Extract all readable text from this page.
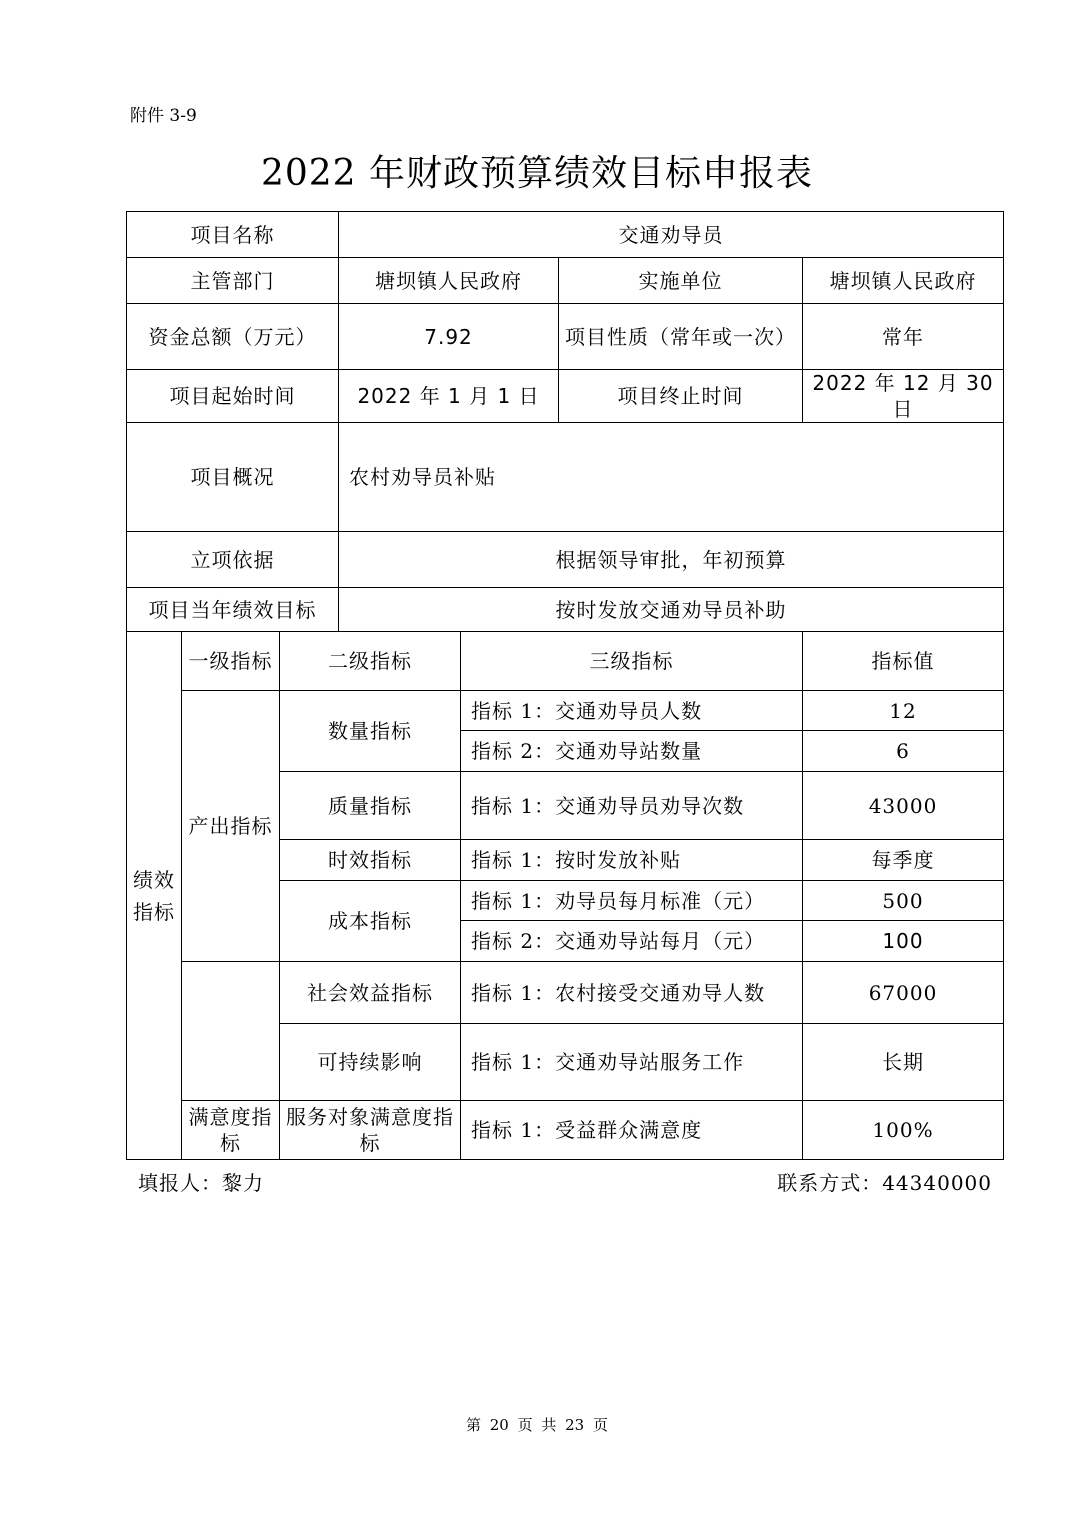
附件 3-9
2022 年财政预算绩效目标申报表
项目名称			交通劝导员			
主管部门			塘坝镇人民政府		实施单位	塘坝镇人民政府
资金总额（万元）			7.92		项目性质（常年或一次）	常年
项目起始时间			2022 年 1 月 1 日		项目终止时间	2022 年 12 月 30 日
项目概况			农村劝导员补贴			
立项依据			根据领导审批，年初预算			
项目当年绩效目标			按时发放交通劝导员补助			
绩效指标	一级指标	二级指标		三级指标		指标值
	产出指标	数量指标		指标 1：交通劝导员人数		12
				指标 2：交通劝导站数量		6
		质量指标		指标 1：交通劝导员劝导次数		43000
		时效指标		指标 1：按时发放补贴		每季度
		成本指标		指标 1：劝导员每月标准（元）		500
				指标 2：交通劝导站每月（元）		100
		社会效益指标		指标 1：农村接受交通劝导人数		67000
		可持续影响		指标 1：交通劝导站服务工作		长期
	满意度指标	服务对象满意度指标		指标 1：受益群众满意度		100%
填报人：黎力	联系方式：44340000
第 20 页 共 23 页
